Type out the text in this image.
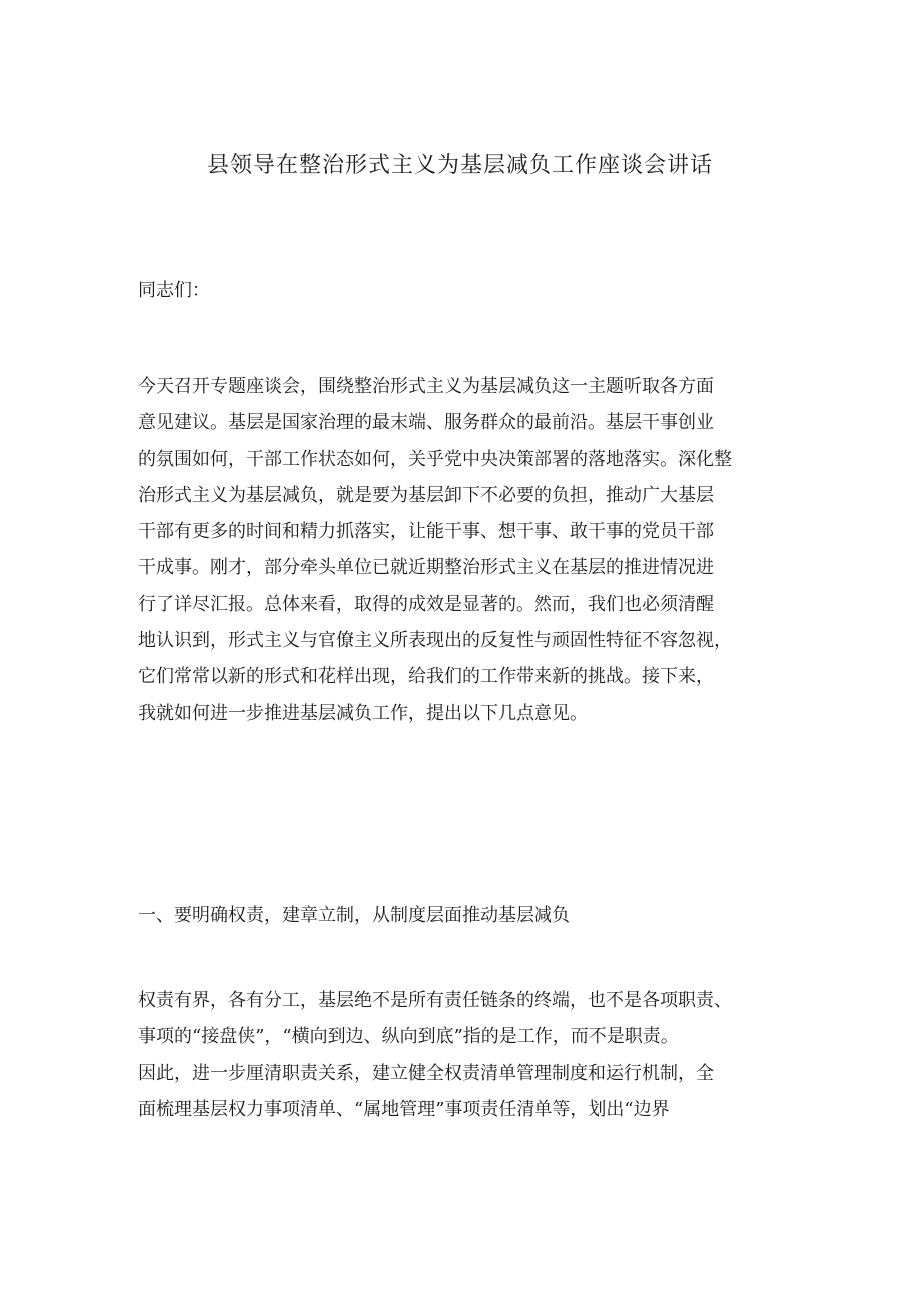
县领导在整治形式主义为基层减负工作座谈会讲话
同志们：
今天召开专题座谈会，围绕整治形式主义为基层减负这一主题听取各方面
意见建议。基层是国家治理的最末端、服务群众的最前沿。基层干事创业
的氛围如何，干部工作状态如何，关乎党中央决策部署的落地落实。深化整
治形式主义为基层减负，就是要为基层卸下不必要的负担，推动广大基层
干部有更多的时间和精力抓落实，让能干事、想干事、敢干事的党员干部
干成事。刚才，部分牵头单位已就近期整治形式主义在基层的推进情况进
行了详尽汇报。总体来看，取得的成效是显著的。然而，我们也必须清醒
地认识到，形式主义与官僚主义所表现出的反复性与顽固性特征不容忽视，
它们常常以新的形式和花样出现，给我们的工作带来新的挑战。接下来，
我就如何进一步推进基层减负工作，提出以下几点意见。
一、要明确权责，建章立制，从制度层面推动基层减负
权责有界，各有分工，基层绝不是所有责任链条的终端，也不是各项职责、
事项的“接盘侠”，“横向到边、纵向到底”指的是工作，而不是职责。
因此，进一步厘清职责关系，建立健全权责清单管理制度和运行机制，全
面梳理基层权力事项清单、“属地管理”事项责任清单等，划出“边界
